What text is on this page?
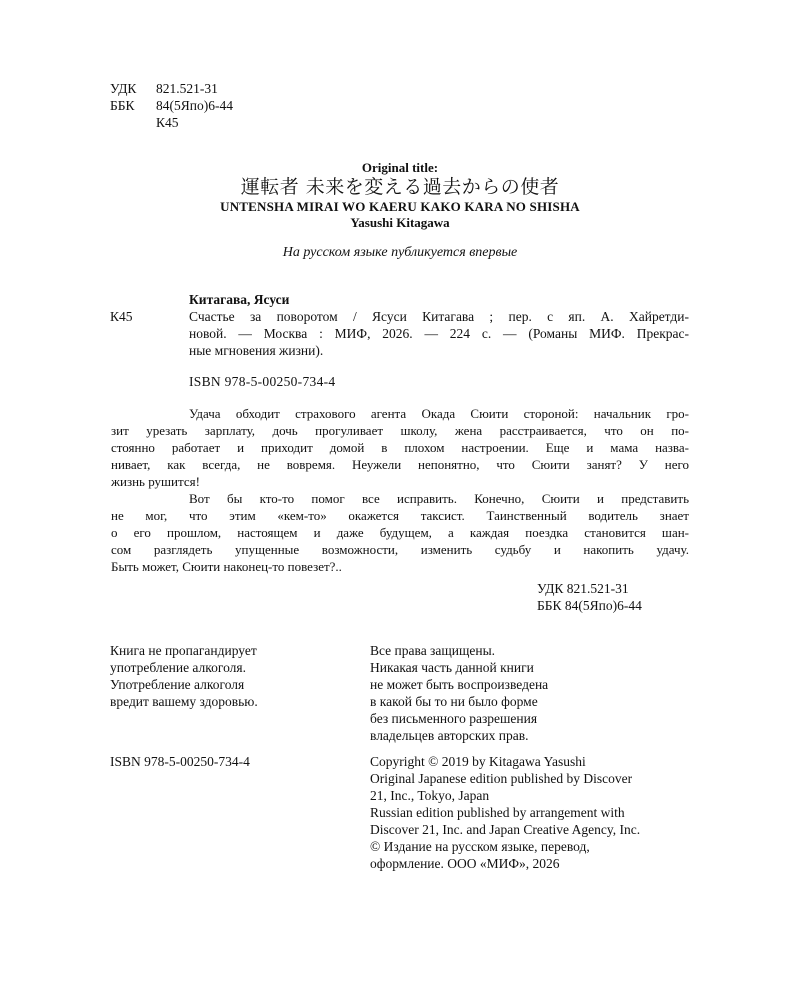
УДК 821.521-31
ББК 84(5Япо)6-44
К45
Original title:
運転者 未来を変える過去からの使者
UNTENSHA MIRAI WO KAERU KAKO KARA NO SHISHA
Yasushi Kitagawa
На русском языке публикуется впервые
Китагава, Ясуси
К45	Счастье за поворотом / Ясуси Китагава ; пер. с яп. А. Хайретди-
новой. — Москва : МИФ, 2026. — 224 с. — (Романы МИФ. Прекрас-
ные мгновения жизни).
ISBN 978-5-00250-734-4
Удача обходит страхового агента Окада Сюити стороной: начальник гро-
зит урезать зарплату, дочь прогуливает школу, жена расстраивается, что он по-
стоянно работает и приходит домой в плохом настроении. Еще и мама назва-
нивает, как всегда, не вовремя. Неужели непонятно, что Сюити занят? У него
жизнь рушится!
Вот бы кто-то помог все исправить. Конечно, Сюити и представить
не мог, что этим «кем-то» окажется таксист. Таинственный водитель знает
о его прошлом, настоящем и даже будущем, а каждая поездка становится шан-
сом разглядеть упущенные возможности, изменить судьбу и накопить удачу.
Быть может, Сюити наконец-то повезет?..
УДК 821.521-31
ББК 84(5Япо)6-44
Книга не пропагандирует
употребление алкоголя.
Употребление алкоголя
вредит вашему здоровью.
Все права защищены.
Никакая часть данной книги
не может быть воспроизведена
в какой бы то ни было форме
без письменного разрешения
владельцев авторских прав.
ISBN 978-5-00250-734-4	Copyright © 2019 by Kitagawa Yasushi
Original Japanese edition published by Discover
21, Inc., Tokyo, Japan
Russian edition published by arrangement with
Discover 21, Inc. and Japan Creative Agency, Inc.
© Издание на русском языке, перевод,
оформление. ООО «МИФ», 2026
